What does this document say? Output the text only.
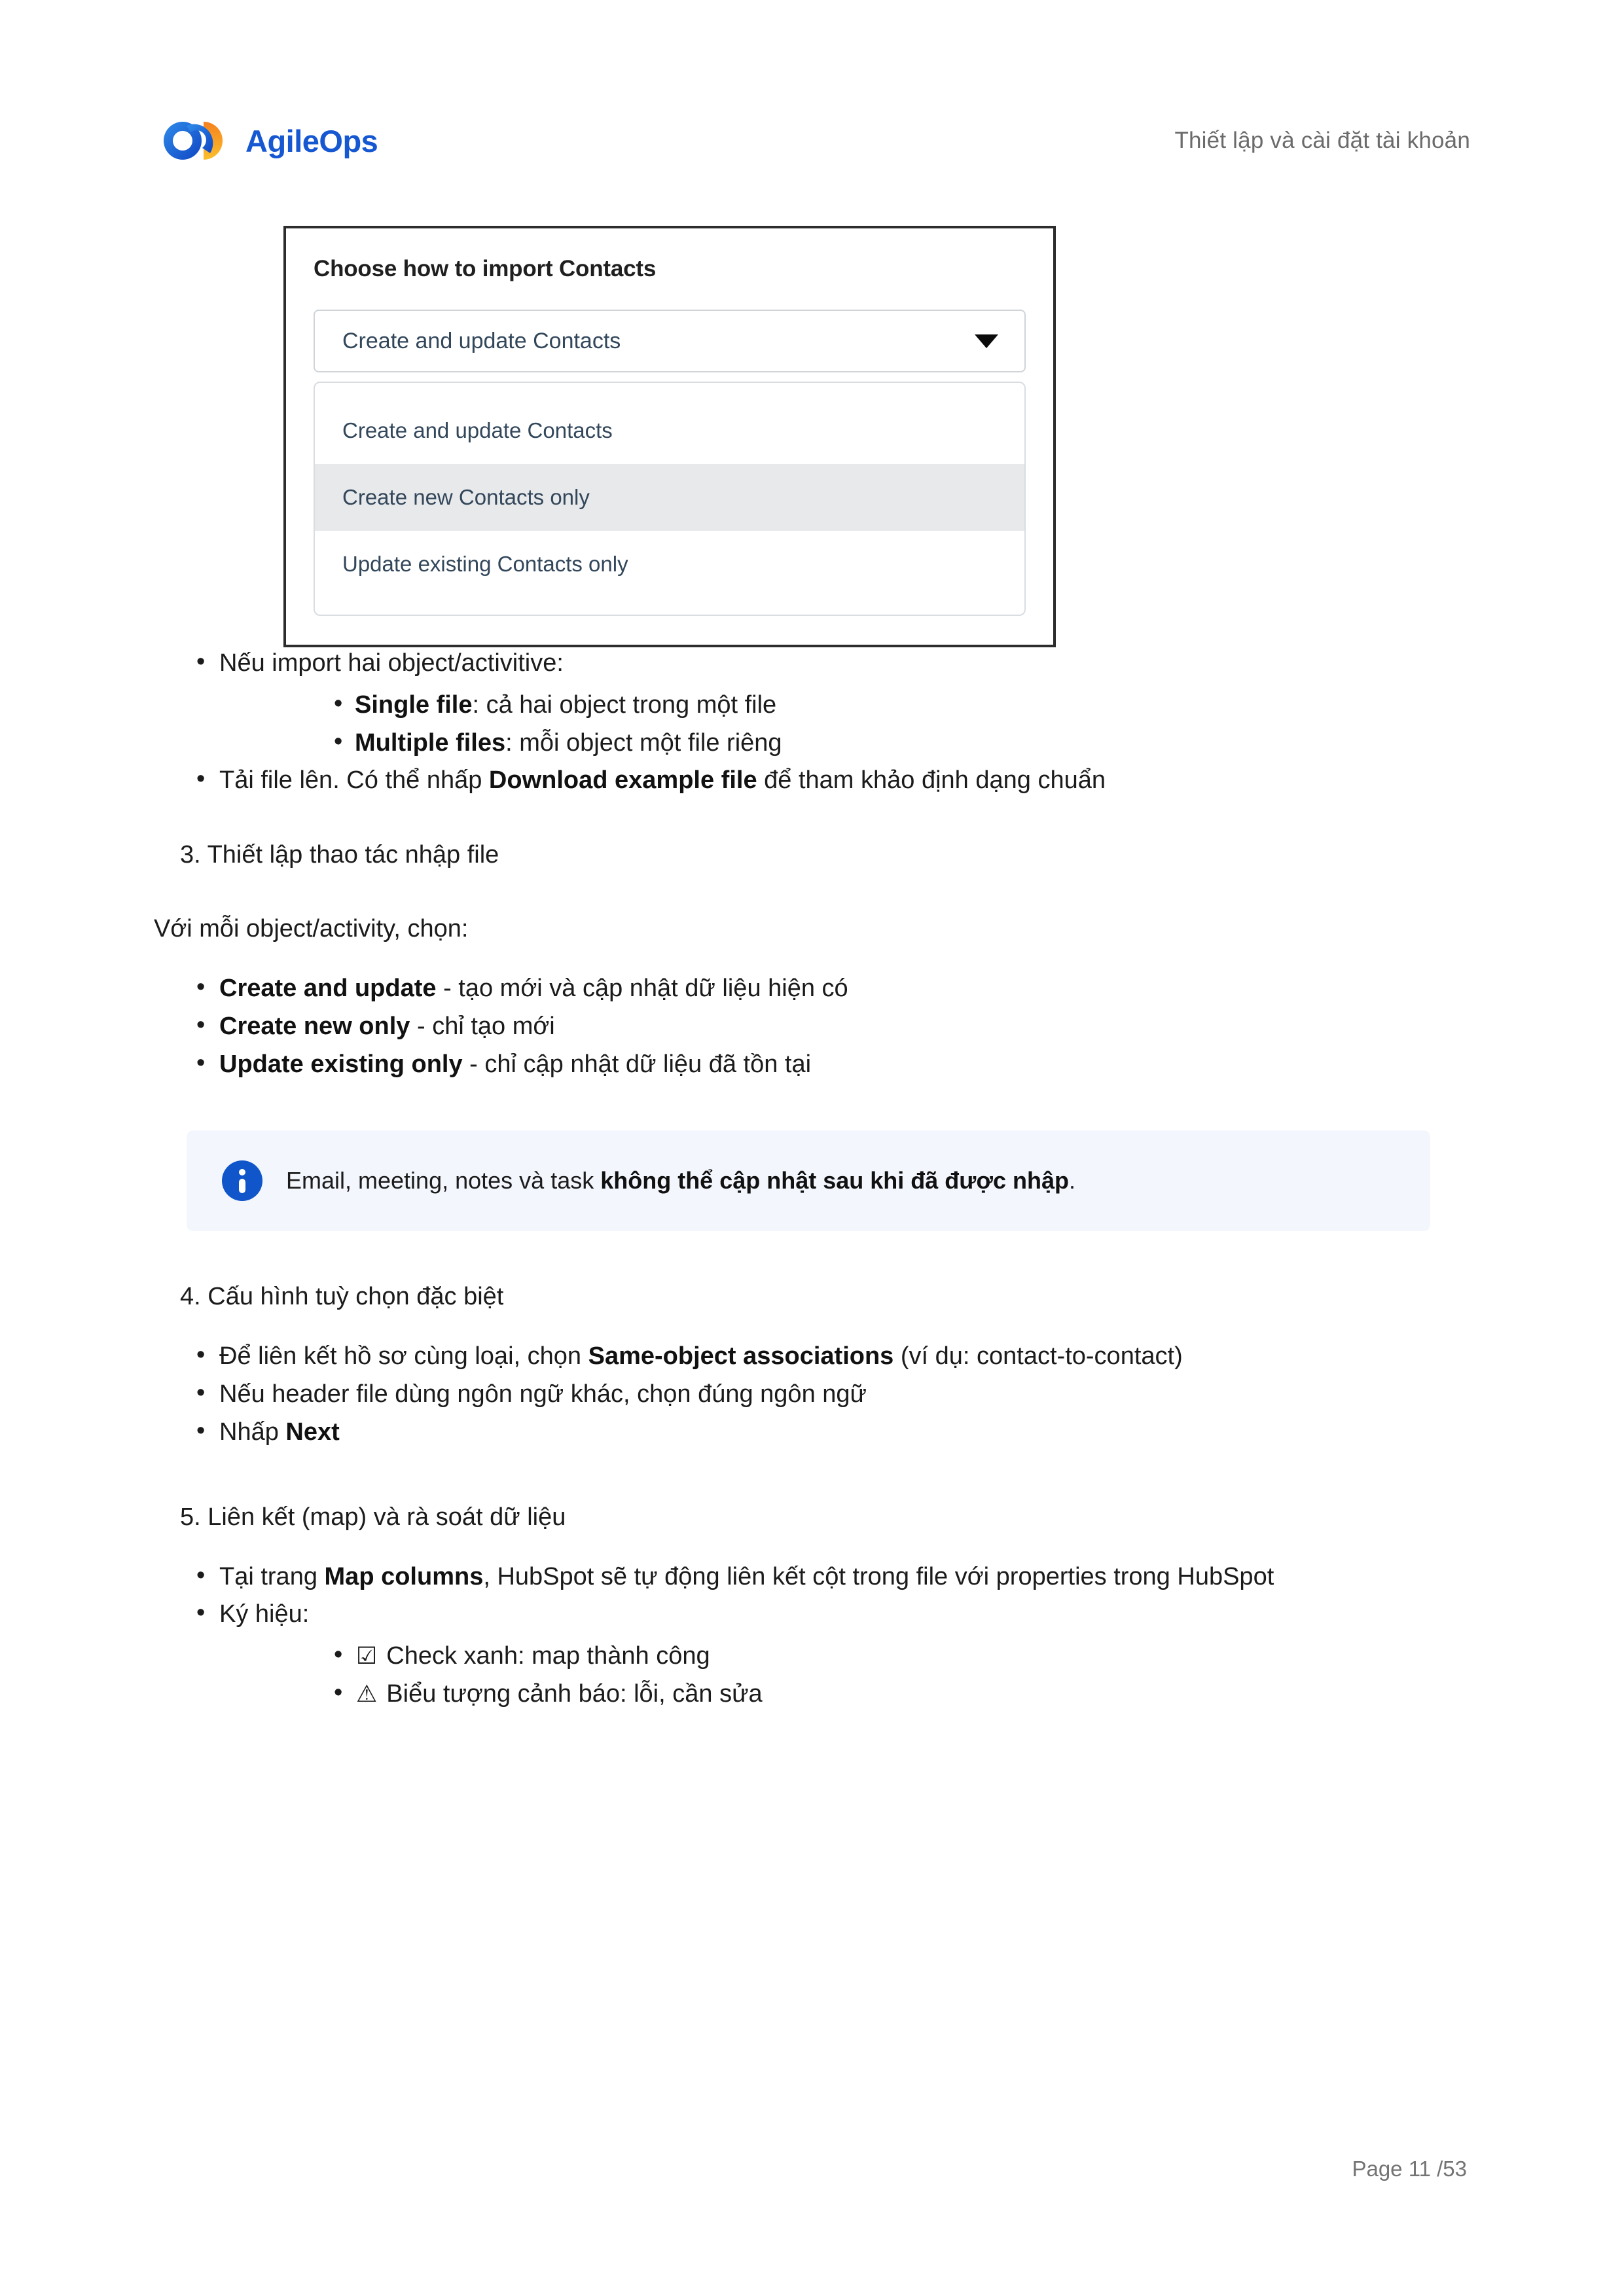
AgileOps	Thiết lập và cài đặt tài khoản
Choose how to import Contacts
Create and update Contacts
Create and update Contacts
Create new Contacts only
Update existing Contacts only
• Nếu import hai object/activitive:
• Single file: cả hai object trong một file
• Multiple files: mỗi object một file riêng
• Tải file lên. Có thể nhấp Download example file để tham khảo định dạng chuẩn
3. Thiết lập thao tác nhập file
Với mỗi object/activity, chọn:
• Create and update - tạo mới và cập nhật dữ liệu hiện có
• Create new only - chỉ tạo mới
• Update existing only - chỉ cập nhật dữ liệu đã tồn tại
Email, meeting, notes và task không thể cập nhật sau khi đã được nhập.
4. Cấu hình tuỳ chọn đặc biệt
• Để liên kết hồ sơ cùng loại, chọn Same-object associations (ví dụ: contact-to-contact)
• Nếu header file dùng ngôn ngữ khác, chọn đúng ngôn ngữ
• Nhấp Next
5. Liên kết (map) và rà soát dữ liệu
• Tại trang Map columns, HubSpot sẽ tự động liên kết cột trong file với properties trong HubSpot
• Ký hiệu:
• ☑ Check xanh: map thành công
• ⚠ Biểu tượng cảnh báo: lỗi, cần sửa
Page 11 /53
